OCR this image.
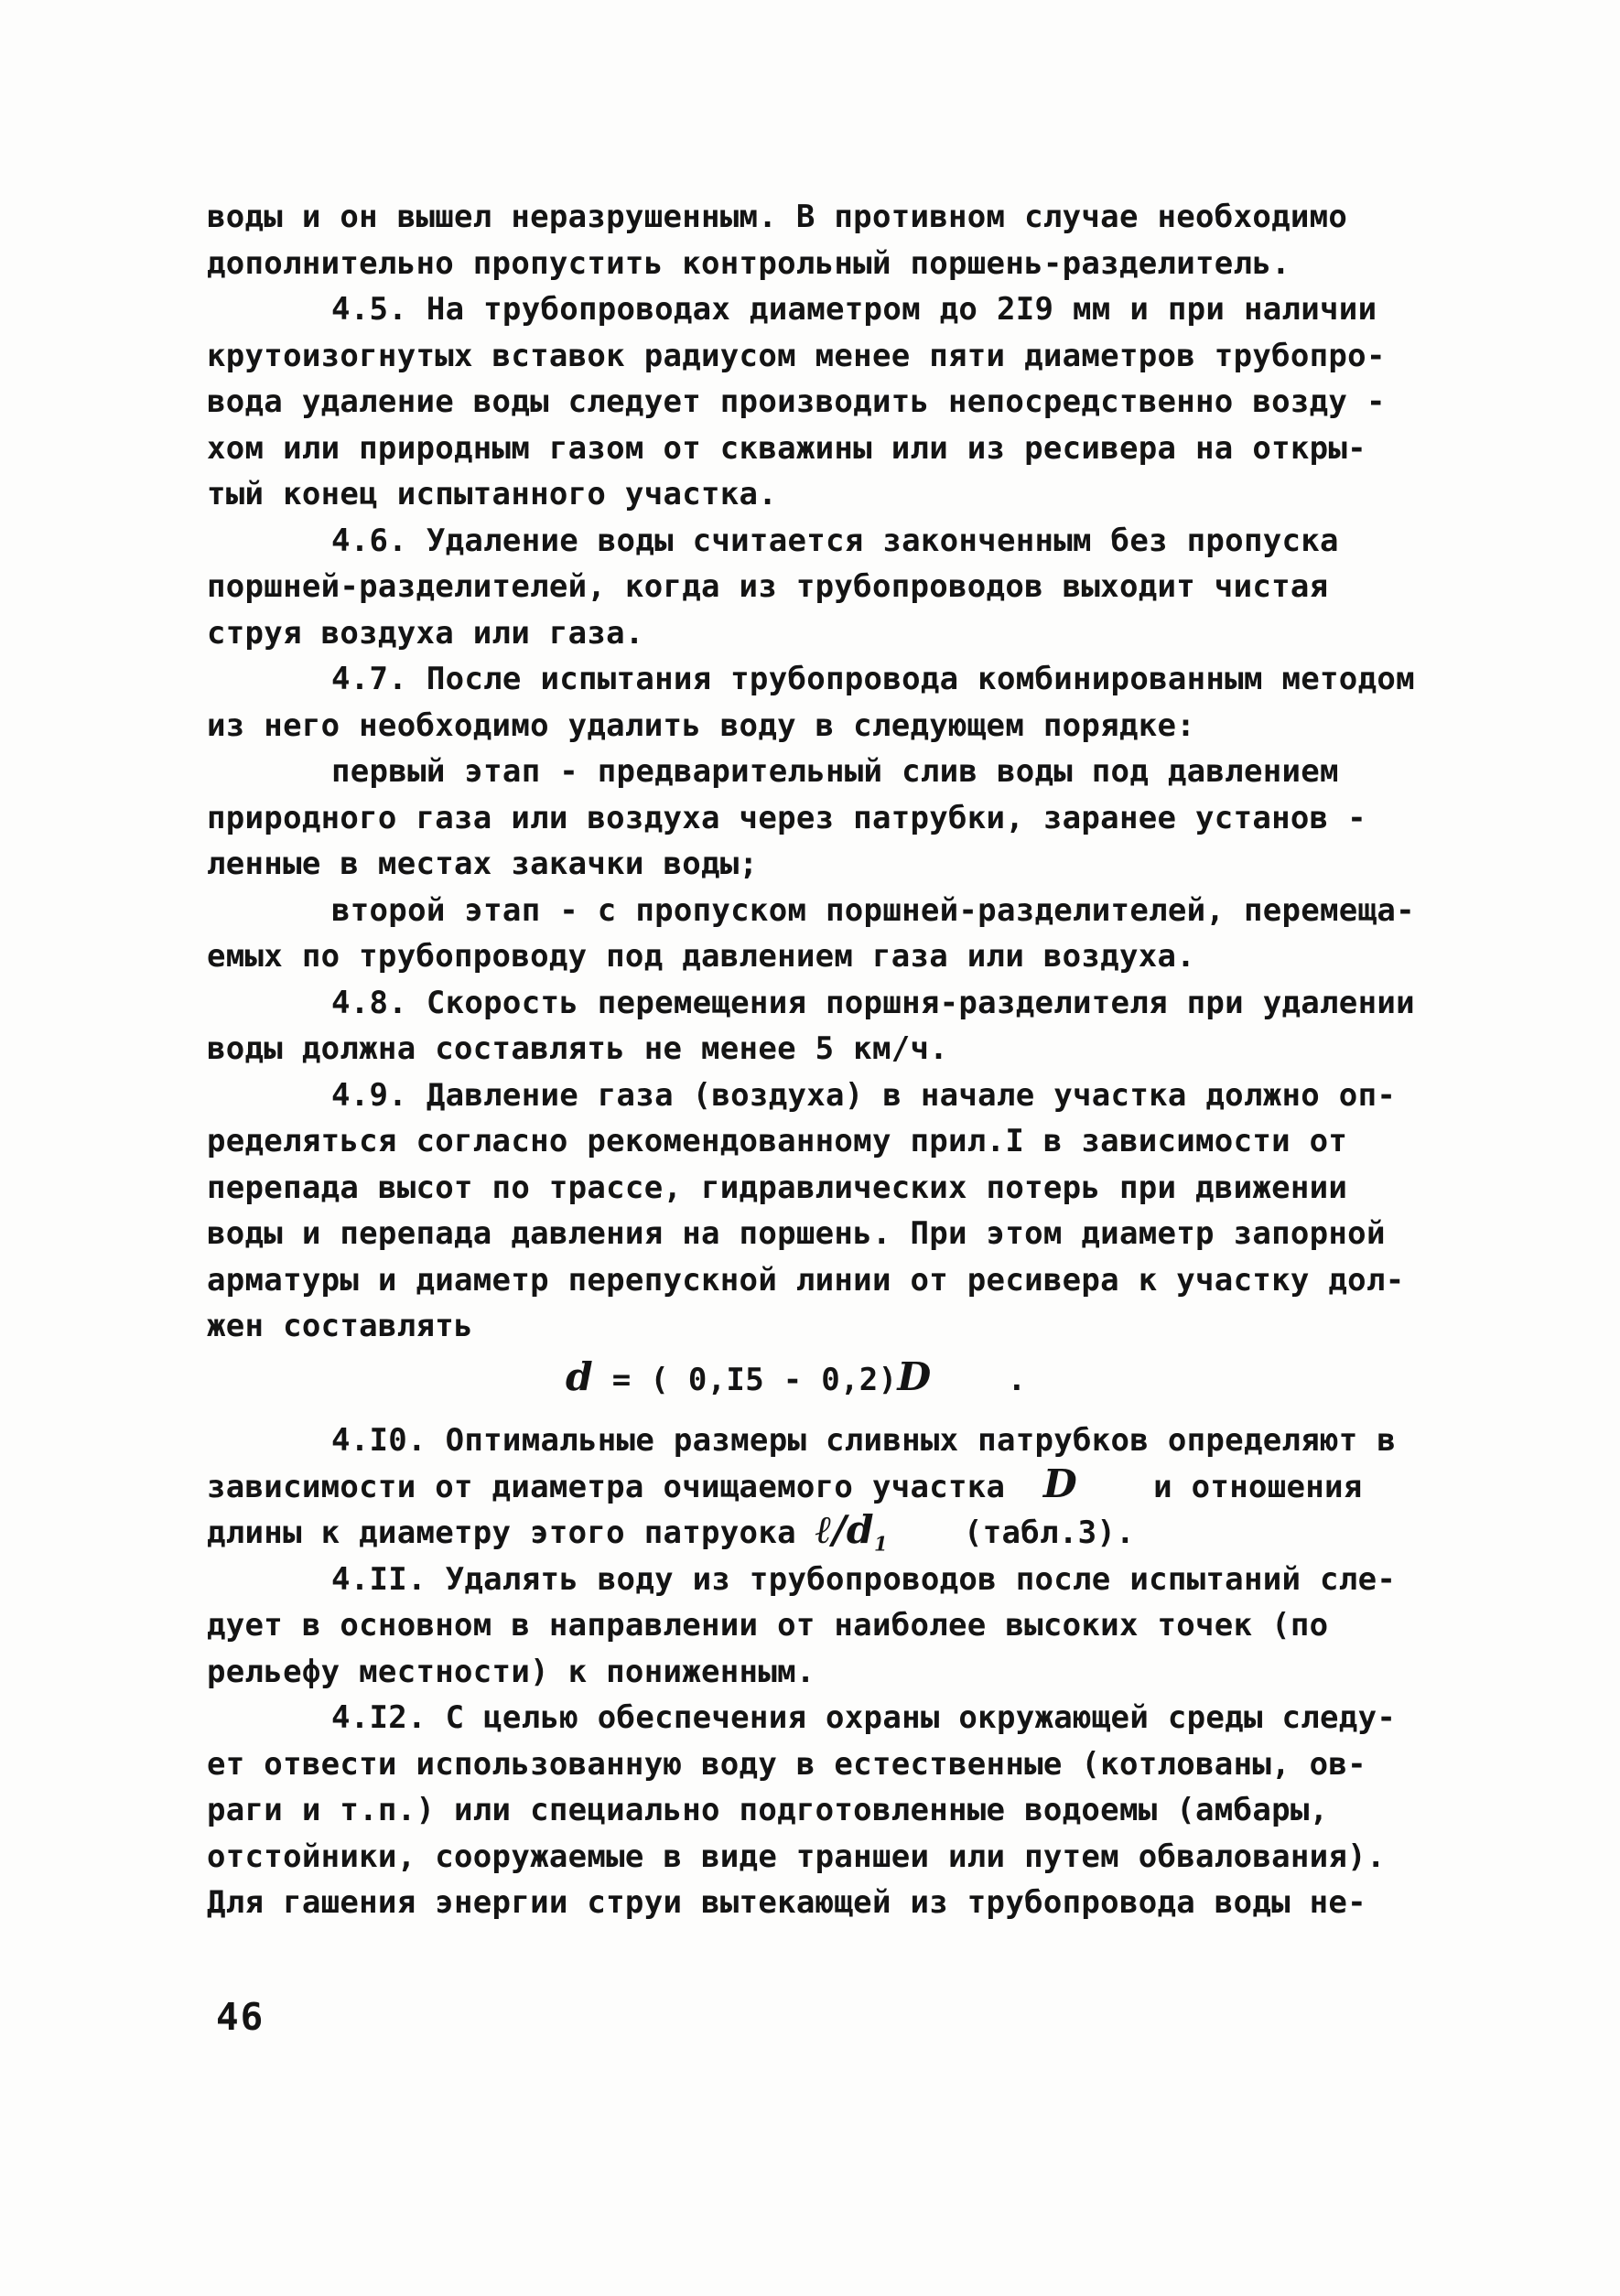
воды и он вышел неразрушенным. В противном случае необходимо
дополнительно пропустить контрольный поршень-разделитель.
4.5. На трубопроводах диаметром до 2I9 мм и при наличии
крутоизогнутых вставок радиусом менее пяти диаметров трубопро-
вода удаление воды следует производить непосредственно возду -
хом или природным газом от скважины или из ресивера на откры-
тый конец испытанного участка.
4.6. Удаление воды считается законченным без пропуска
поршней-разделителей, когда из трубопроводов выходит чистая
струя воздуха или газа.
4.7. После испытания трубопровода комбинированным методом
из него необходимо удалить воду в следующем порядке:
первый этап - предварительный слив воды под давлением
природного газа или воздуха через патрубки, заранее установ -
ленные в местах закачки воды;
второй этап - с пропуском поршней-разделителей, перемеща-
емых по трубопроводу под давлением газа или воздуха.
4.8. Скорость перемещения поршня-разделителя при удалении
воды должна составлять не менее 5 км/ч.
4.9. Давление газа (воздуха) в начале участка должно оп-
ределяться согласно рекомендованному прил.I в зависимости от
перепада высот по трассе, гидравлических потерь при движении
воды и перепада давления на поршень. При этом диаметр запорной
арматуры и диаметр перепускной линии от ресивера к участку дол-
жен составлять
d = ( 0,I5 - 0,2)D    .
4.I0. Оптимальные размеры сливных патрубков определяют в
зависимости от диаметра очищаемого участка  D    и отношения
длины к диаметру этого патруока $\ell/d_1$    (табл.3).
4.II. Удалять воду из трубопроводов после испытаний сле-
дует в основном в направлении от наиболее высоких точек (по
рельефу местности) к пониженным.
4.I2. С целью обеспечения охраны окружающей среды следу-
ет отвести использованную воду в естественные (котлованы, ов-
раги и т.п.) или специально подготовленные водоемы (амбары,
отстойники, сооружаемые в виде траншеи или путем обвалования).
Для гашения энергии струи вытекающей из трубопровода воды не-
46
